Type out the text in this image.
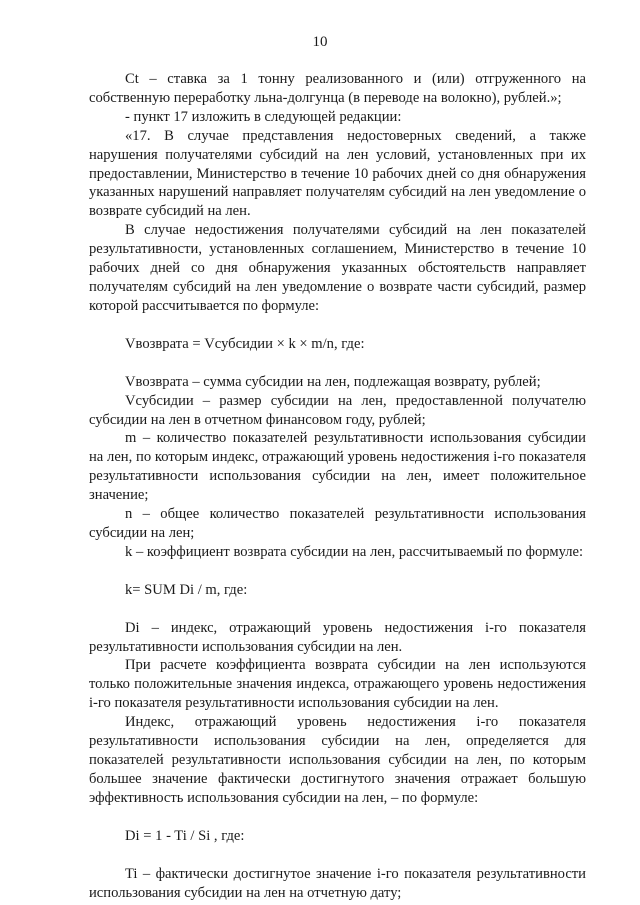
10

Ct – ставка за 1 тонну реализованного и (или) отгруженного на собственную переработку льна-долгунца (в переводе на волокно), рублей.»;

- пункт 17 изложить в следующей редакции:

«17. В случае представления недостоверных сведений, а также нарушения получателями субсидий на лен условий, установленных при их предоставлении, Министерство в течение 10 рабочих дней со дня обнаружения указанных нарушений направляет получателям субсидий на лен уведомление о возврате субсидий на лен.

В случае недостижения получателями субсидий на лен показателей результативности, установленных соглашением, Министерство в течение 10 рабочих дней со дня обнаружения указанных обстоятельств направляет получателям субсидий на лен уведомление о возврате части субсидий, размер которой рассчитывается по формуле:

Vвозврата = Vсубсидии × k × m/n, где:

Vвозврата – сумма субсидии на лен, подлежащая возврату, рублей;

Vсубсидии – размер субсидии на лен, предоставленной получателю субсидии на лен в отчетном финансовом году, рублей;

m – количество показателей результативности использования субсидии на лен, по которым индекс, отражающий уровень недостижения i-го показателя результативности использования субсидии на лен, имеет положительное значение;

n – общее количество показателей результативности использования субсидии на лен;

k – коэффициент возврата субсидии на лен, рассчитываемый по формуле:

k= SUM Di / m, где:

Di – индекс, отражающий уровень недостижения i-го показателя результативности использования субсидии на лен.

При расчете коэффициента возврата субсидии на лен используются только положительные значения индекса, отражающего уровень недостижения i-го показателя результативности использования субсидии на лен.

Индекс, отражающий уровень недостижения i-го показателя результативности использования субсидии на лен, определяется для показателей результативности использования субсидии на лен, по которым большее значение фактически достигнутого значения отражает большую эффективность использования субсидии на лен, – по формуле:

Di = 1 - Ti / Si , где:

Ti – фактически достигнутое значение i-го показателя результативности использования субсидии на лен на отчетную дату;
